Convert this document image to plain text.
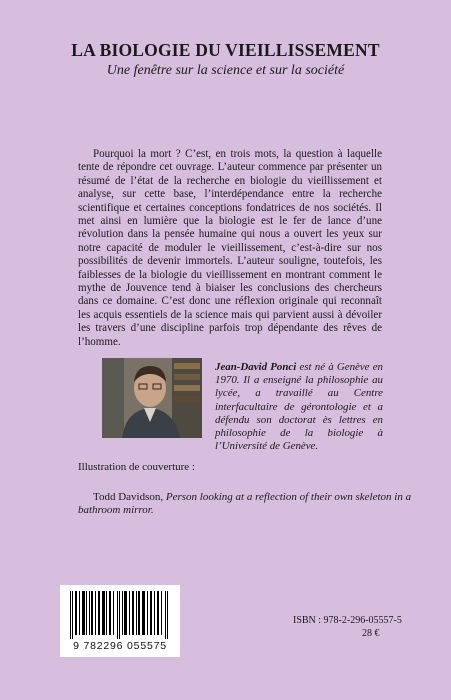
LA BIOLOGIE DU VIEILLISSEMENT
Une fenêtre sur la science et sur la société

Pourquoi la mort ? C’est, en trois mots, la question à laquelle tente de répondre cet ouvrage. L’auteur commence par présenter un résumé de l’état de la recherche en biologie du vieillissement et analyse, sur cette base, l’interdépendance entre la recherche scientifique et certaines conceptions fondatrices de nos sociétés. Il met ainsi en lumière que la biologie est le fer de lance d’une révolution dans la pensée humaine qui nous a ouvert les yeux sur notre capacité de moduler le vieillissement, c’est-à-dire sur nos possibilités de devenir immortels. L’auteur souligne, toutefois, les faiblesses de la biologie du vieillissement en montrant comment le mythe de Jouvence tend à biaiser les conclusions des chercheurs dans ce domaine. C’est donc une réflexion originale qui reconnaît les acquis essentiels de la science mais qui parvient aussi à dévoiler les travers d’une discipline parfois trop dépendante des rêves de l’homme.

Jean-David Ponci est né à Genève en 1970. Il a enseigné la philosophie au lycée, a travaillé au Centre interfacultaire de gérontologie et a défendu son doctorat ès lettres en philosophie de la biologie à l’Université de Genève.

Illustration de couverture :

Todd Davidson, Person looking at a reflection of their own skeleton in a bathroom mirror.

9 782296 055575
ISBN : 978-2-296-05557-5
28 €
